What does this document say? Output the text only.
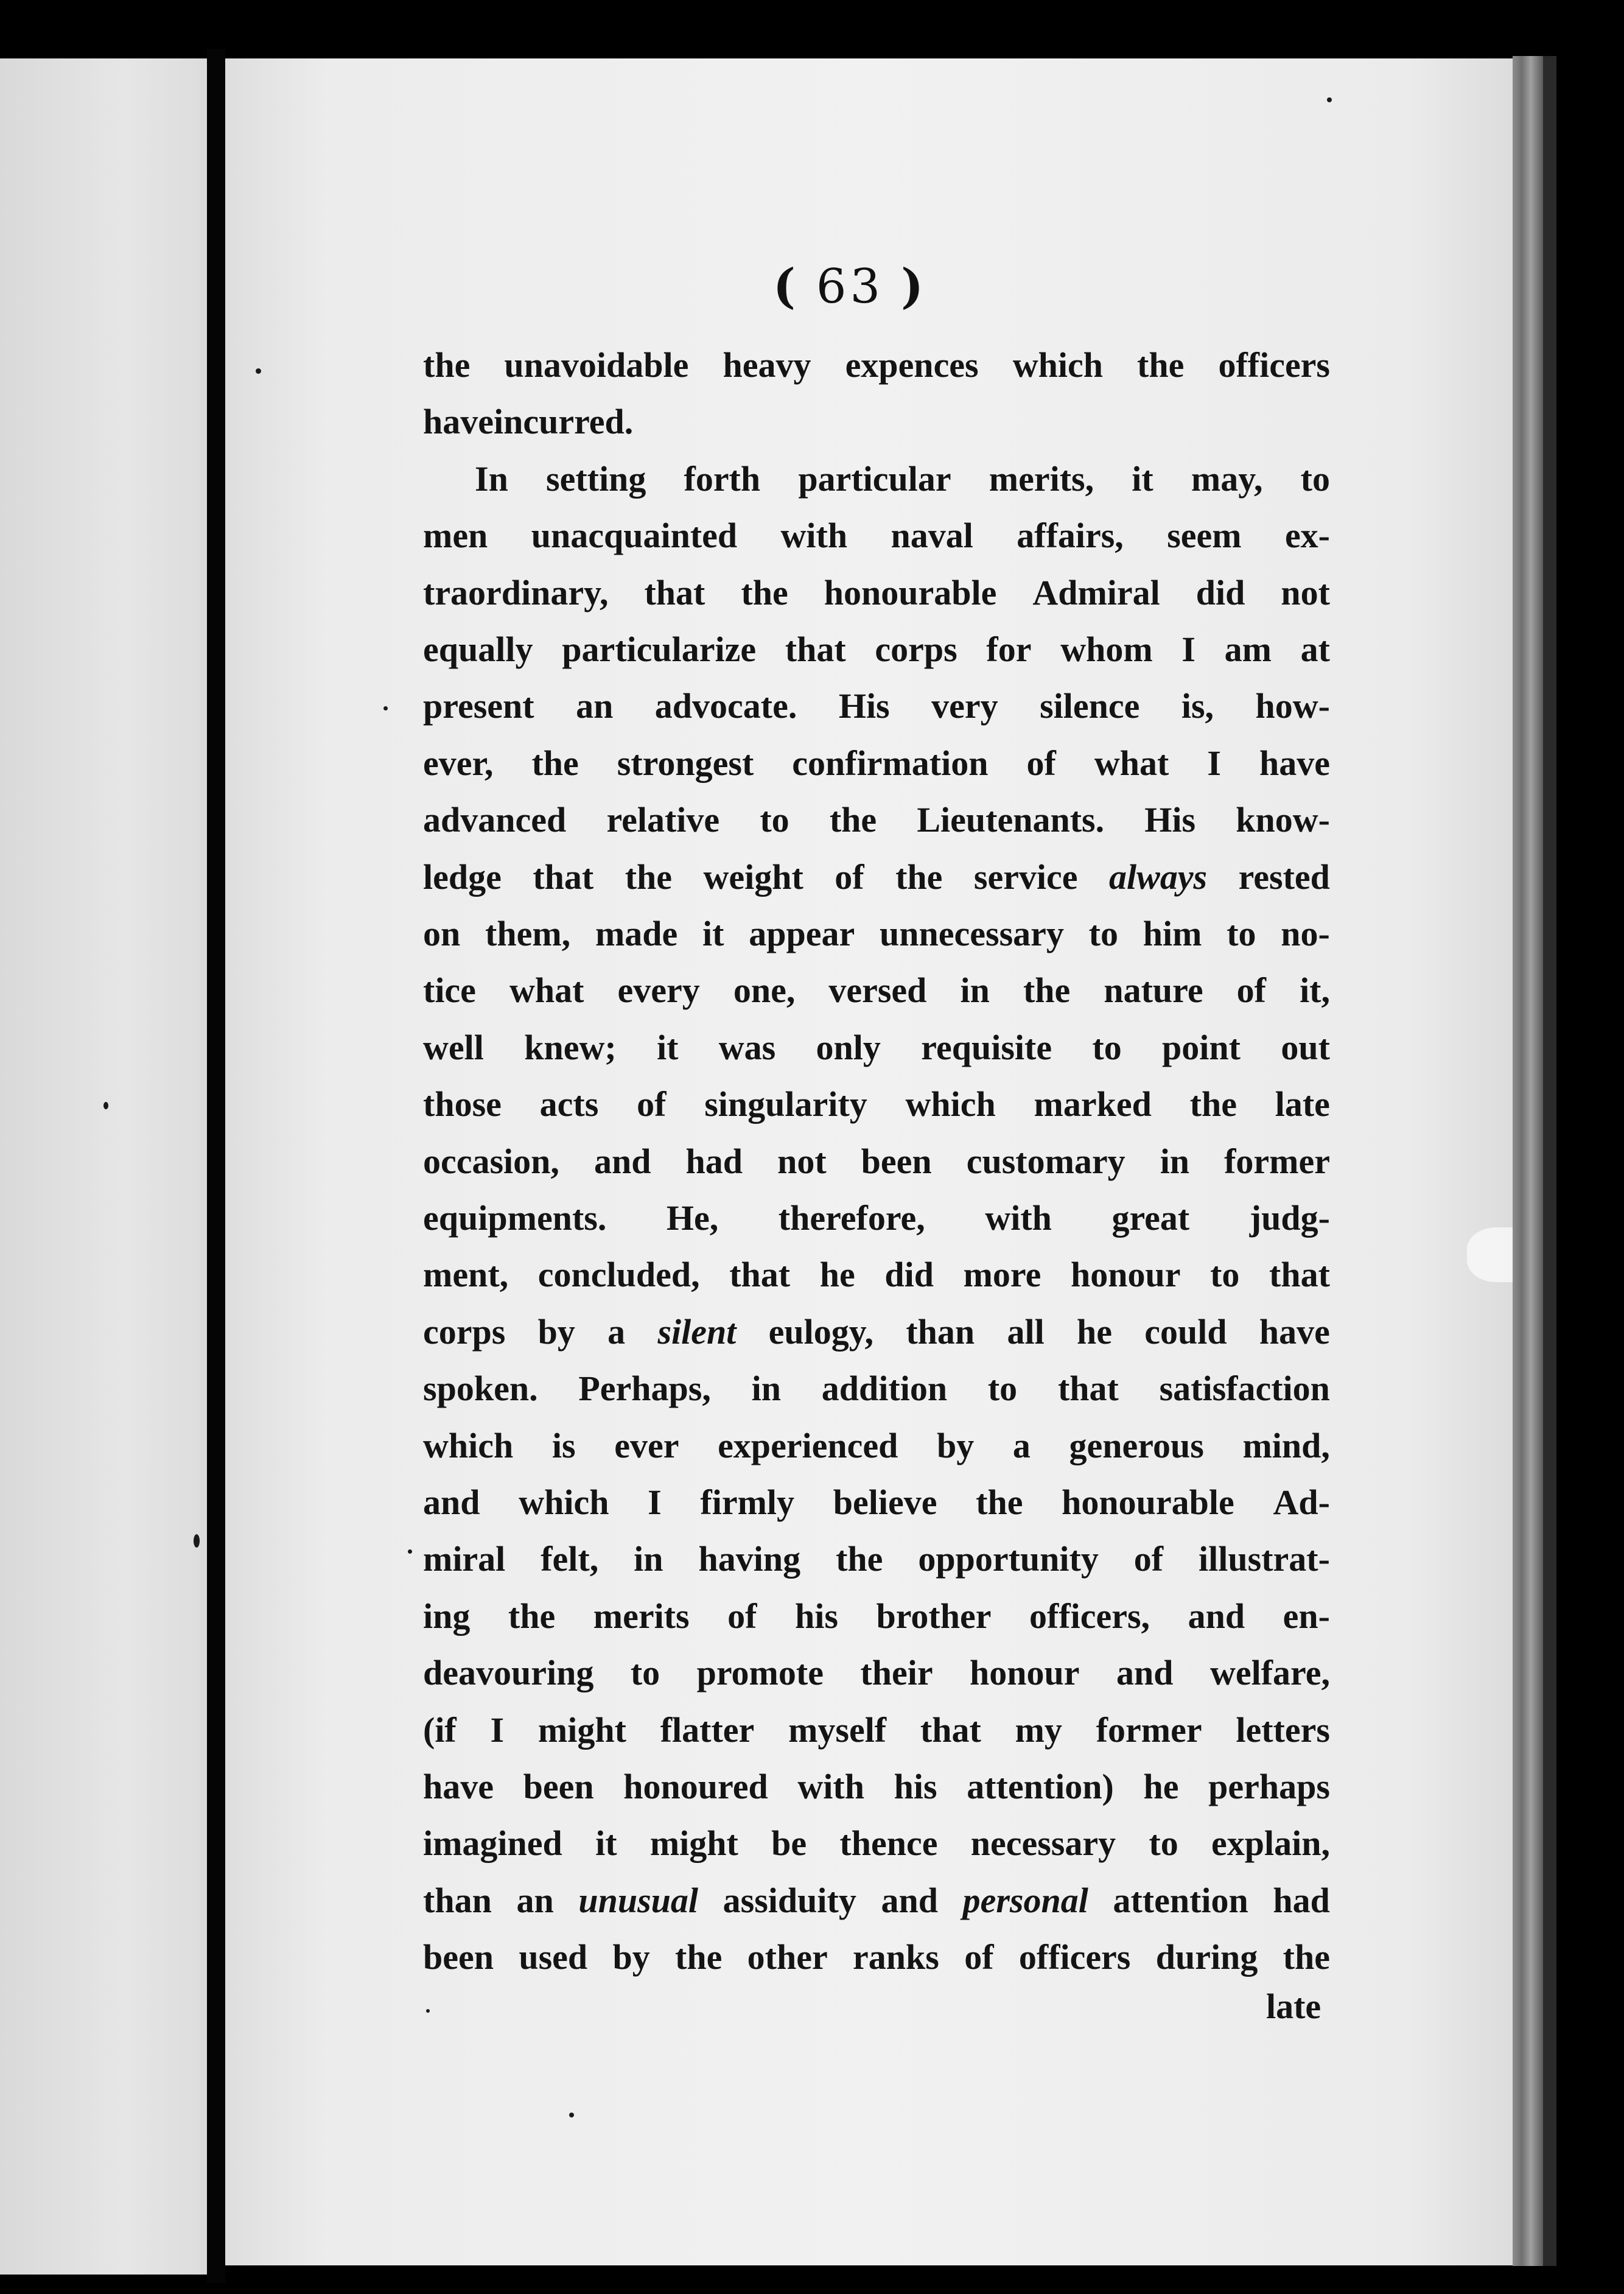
( 63 )
the unavoidable heavy expences which the officers
have incurred.
In setting forth particular merits, it may, to
men unacquainted with naval affairs, seem ex-
traordinary, that the honourable Admiral did not
equally particularize that corps for whom I am at
present an advocate. His very silence is, how-
ever, the strongest confirmation of what I have
advanced relative to the Lieutenants. His know-
ledge that the weight of the service always rested
on them, made it appear unnecessary to him to no-
tice what every one, versed in the nature of it,
well knew; it was only requisite to point out
those acts of singularity which marked the late
occasion, and had not been customary in former
equipments. He, therefore, with great judg-
ment, concluded, that he did more honour to that
corps by a silent eulogy, than all he could have
spoken. Perhaps, in addition to that satisfaction
which is ever experienced by a generous mind,
and which I firmly believe the honourable Ad-
miral felt, in having the opportunity of illustrat-
ing the merits of his brother officers, and en-
deavouring to promote their honour and welfare,
(if I might flatter myself that my former letters
have been honoured with his attention) he perhaps
imagined it might be thence necessary to explain,
than an unusual assiduity and personal attention had
been used by the other ranks of officers during the
late
